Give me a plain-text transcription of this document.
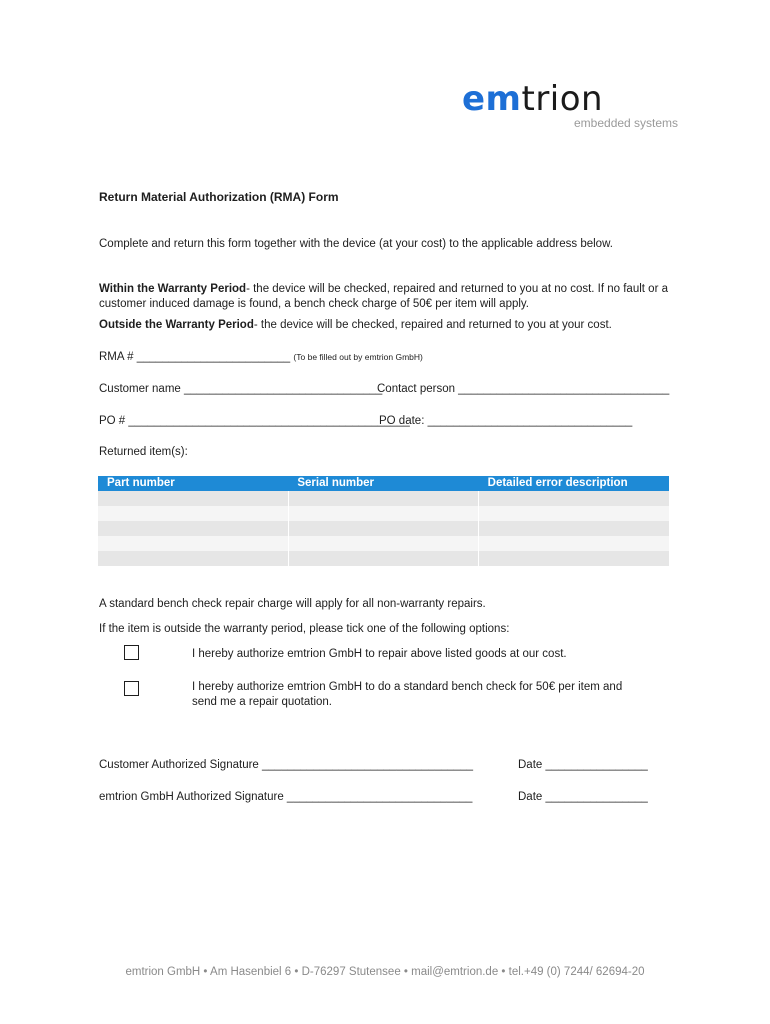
emtrion
embedded systems
Return Material Authorization (RMA) Form
Complete and return this form together with the device (at your cost) to the applicable address below.
Within the Warranty Period- the device will be checked, repaired and returned to you at no cost. If no fault or a customer induced damage is found, a bench check charge of 50€ per item will apply.
Outside the Warranty Period- the device will be checked, repaired and returned to you at your cost.
RMA # ________________________ (To be filled out by emtrion GmbH)
Customer name _______________________________
Contact person _________________________________
PO # ____________________________________________
PO date: ________________________________
Returned item(s):
Part number	Serial number	Detailed error description
A standard bench check repair charge will apply for all non-warranty repairs.
If the item is outside the warranty period, please tick one of the following options:
I hereby authorize emtrion GmbH to repair above listed goods at our cost.
I hereby authorize emtrion GmbH to do a standard bench check for 50€ per item and
send me a repair quotation.
Customer Authorized Signature _________________________________	Date ________________
emtrion GmbH Authorized Signature _____________________________	Date ________________
emtrion GmbH • Am Hasenbiel 6 • D-76297 Stutensee • mail@emtrion.de • tel.+49 (0) 7244/ 62694-20
